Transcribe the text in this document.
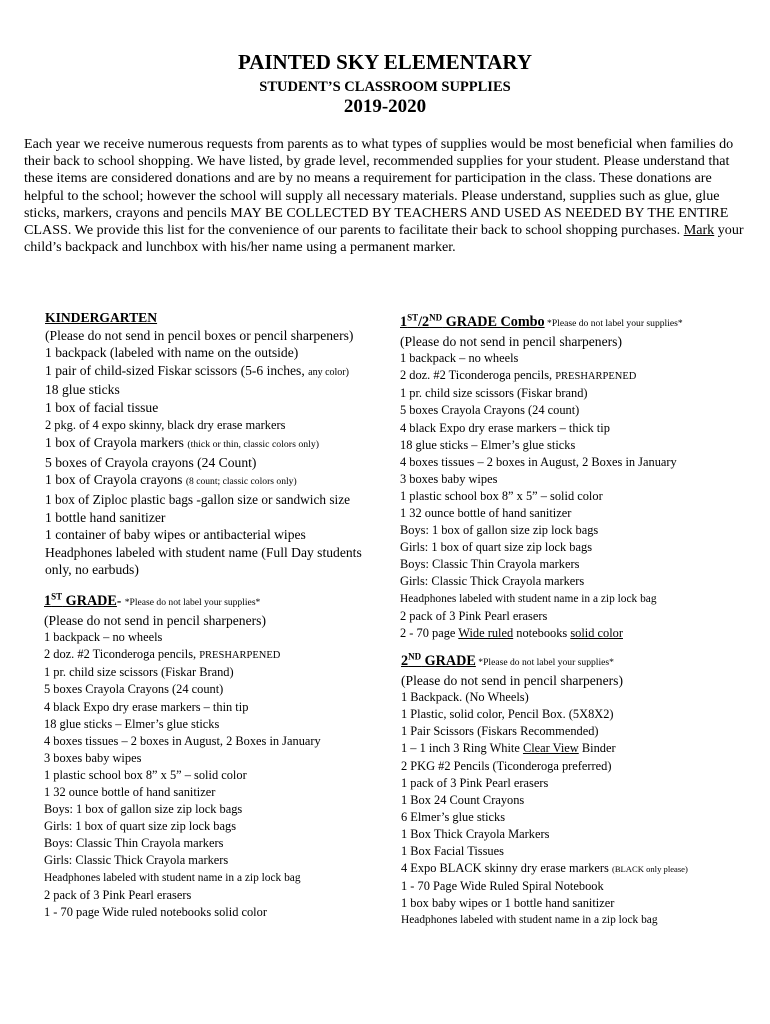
PAINTED SKY ELEMENTARY
STUDENT’S CLASSROOM SUPPLIES
2019-2020

Each year we receive numerous requests from parents as to what types of supplies would be most beneficial when families do their back to school shopping. We have listed, by grade level, recommended supplies for your student. Please understand that these items are considered donations and are by no means a requirement for participation in the class. These donations are helpful to the school; however the school will supply all necessary materials. Please understand, supplies such as glue, glue sticks, markers, crayons and pencils MAY BE COLLECTED BY TEACHERS AND USED AS NEEDED BY THE ENTIRE CLASS. We provide this list for the convenience of our parents to facilitate their back to school shopping purchases. Mark your child’s backpack and lunchbox with his/her name using a permanent marker.

KINDERGARTEN
(Please do not send in pencil boxes or pencil sharpeners)
1 backpack (labeled with name on the outside)
1 pair of child-sized Fiskar scissors (5-6 inches, any color)
18 glue sticks
1 box of facial tissue
2 pkg. of 4 expo skinny, black dry erase markers
1 box of Crayola markers (thick or thin, classic colors only)
5 boxes of Crayola crayons (24 Count)
1 box of Crayola crayons (8 count; classic colors only)
1 box of Ziploc plastic bags -gallon size or sandwich size
1 bottle hand sanitizer
1 container of baby wipes or antibacterial wipes
Headphones labeled with student name (Full Day students only, no earbuds)
1ST GRADE- *Please do not label your supplies*
(Please do not send in pencil sharpeners)
1 backpack – no wheels
2 doz. #2 Ticonderoga pencils, PRESHARPENED
1 pr. child size scissors (Fiskar Brand)
5 boxes Crayola Crayons (24 count)
4 black Expo dry erase markers – thin tip
18 glue sticks – Elmer’s glue sticks
4 boxes tissues – 2 boxes in August, 2 Boxes in January
3 boxes baby wipes
1 plastic school box 8” x 5” – solid color
1 32 ounce bottle of hand sanitizer
Boys: 1 box of gallon size zip lock bags
Girls: 1 box of quart size zip lock bags
Boys: Classic Thin Crayola markers
Girls: Classic Thick Crayola markers
Headphones labeled with student name in a zip lock bag
2 pack of 3 Pink Pearl erasers
1 - 70 page Wide ruled notebooks solid color
1ST/2ND GRADE Combo *Please do not label your supplies*
(Please do not send in pencil sharpeners)
1 backpack – no wheels
2 doz. #2 Ticonderoga pencils, PRESHARPENED
1 pr. child size scissors (Fiskar brand)
5 boxes Crayola Crayons (24 count)
4 black Expo dry erase markers – thick tip
18 glue sticks – Elmer’s glue sticks
4 boxes tissues – 2 boxes in August, 2 Boxes in January
3 boxes baby wipes
1 plastic school box 8” x 5” – solid color
1 32 ounce bottle of hand sanitizer
Boys: 1 box of gallon size zip lock bags
Girls: 1 box of quart size zip lock bags
Boys: Classic Thin Crayola markers
Girls: Classic Thick Crayola markers
Headphones labeled with student name in a zip lock bag
2 pack of 3 Pink Pearl erasers
2 - 70 page Wide ruled notebooks solid color
2ND GRADE *Please do not label your supplies*
(Please do not send in pencil sharpeners)
1 Backpack. (No Wheels)
1 Plastic, solid color, Pencil Box. (5X8X2)
1 Pair Scissors (Fiskars Recommended)
1 – 1 inch 3 Ring White Clear View Binder
2 PKG #2 Pencils (Ticonderoga preferred)
1 pack of 3 Pink Pearl erasers
1 Box 24 Count Crayons
6 Elmer’s glue sticks
1 Box Thick Crayola Markers
1 Box Facial Tissues
4 Expo BLACK skinny dry erase markers (BLACK only please)
1 - 70 Page Wide Ruled Spiral Notebook
1 box baby wipes or 1 bottle hand sanitizer
Headphones labeled with student name in a zip lock bag
